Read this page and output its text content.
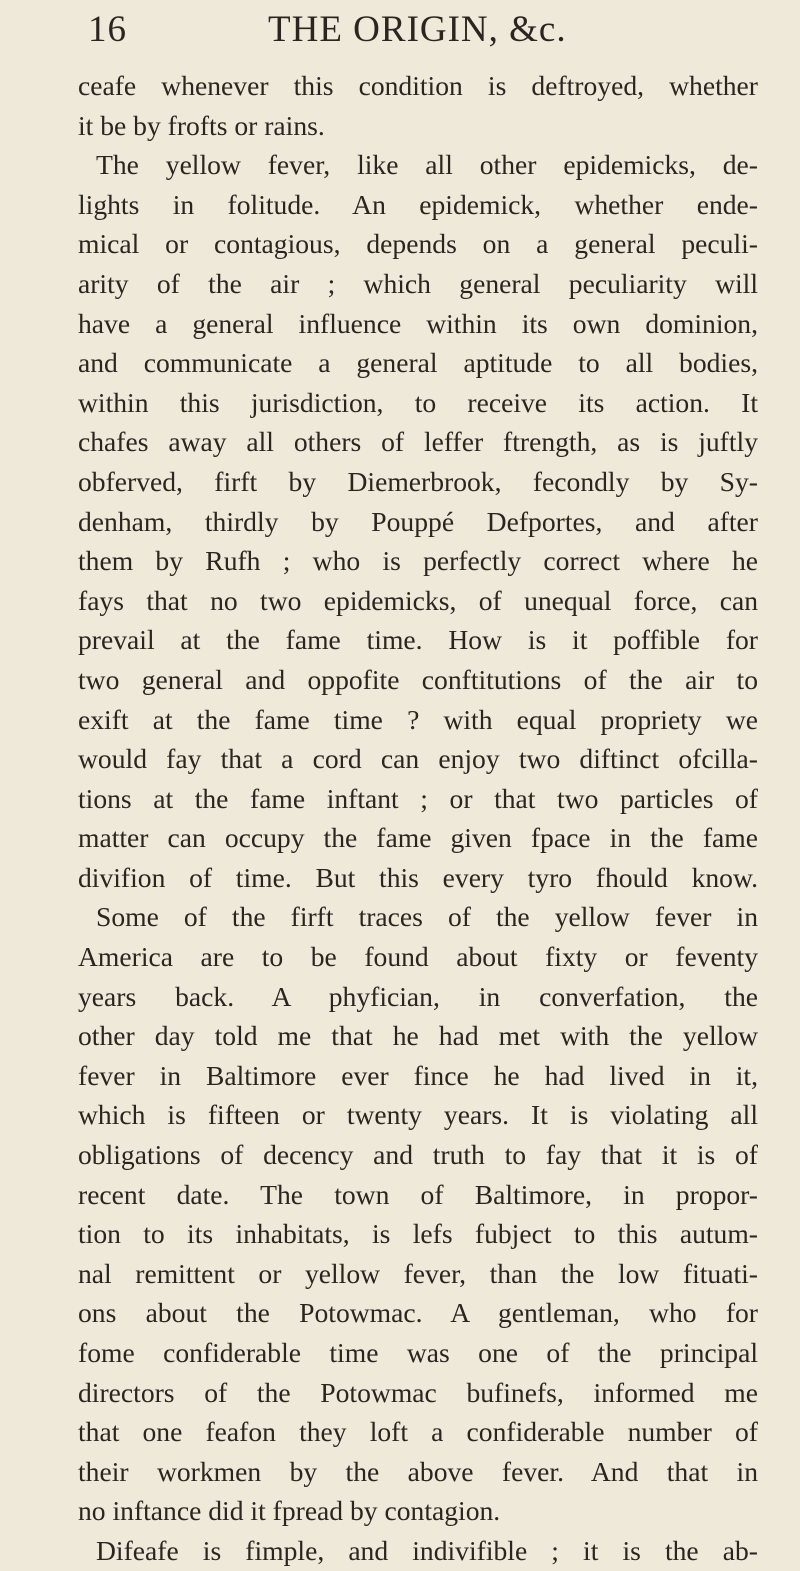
16	THE ORIGIN, &c.
ceafe whenever this condition is deftroyed, whether
it be by frofts or rains.
The yellow fever, like all other epidemicks, de-
lights in folitude. An epidemick, whether ende-
mical or contagious, depends on a general peculi-
arity of the air ; which general peculiarity will
have a general influence within its own dominion,
and communicate a general aptitude to all bodies,
within this jurisdiction, to receive its action. It
chafes away all others of leffer ftrength, as is juftly
obferved, firft by Diemerbrook, fecondly by Sy-
denham, thirdly by Pouppé Defportes, and after
them by Rufh ; who is perfectly correct where he
fays that no two epidemicks, of unequal force, can
prevail at the fame time. How is it poffible for
two general and oppofite conftitutions of the air to
exift at the fame time ? with equal propriety we
would fay that a cord can enjoy two diftinct ofcilla-
tions at the fame inftant ; or that two particles of
matter can occupy the fame given fpace in the fame
divifion of time. But this every tyro fhould know.
Some of the firft traces of the yellow fever in
America are to be found about fixty or feventy
years back. A phyfician, in converfation, the
other day told me that he had met with the yellow
fever in Baltimore ever fince he had lived in it,
which is fifteen or twenty years. It is violating all
obligations of decency and truth to fay that it is of
recent date. The town of Baltimore, in propor-
tion to its inhabitats, is lefs fubject to this autum-
nal remittent or yellow fever, than the low fituati-
ons about the Potowmac. A gentleman, who for
fome confiderable time was one of the principal
directors of the Potowmac bufinefs, informed me
that one feafon they loft a confiderable number of
their workmen by the above fever. And that in
no inftance did it fpread by contagion.
Difeafe is fimple, and indivifible ; it is the ab-
